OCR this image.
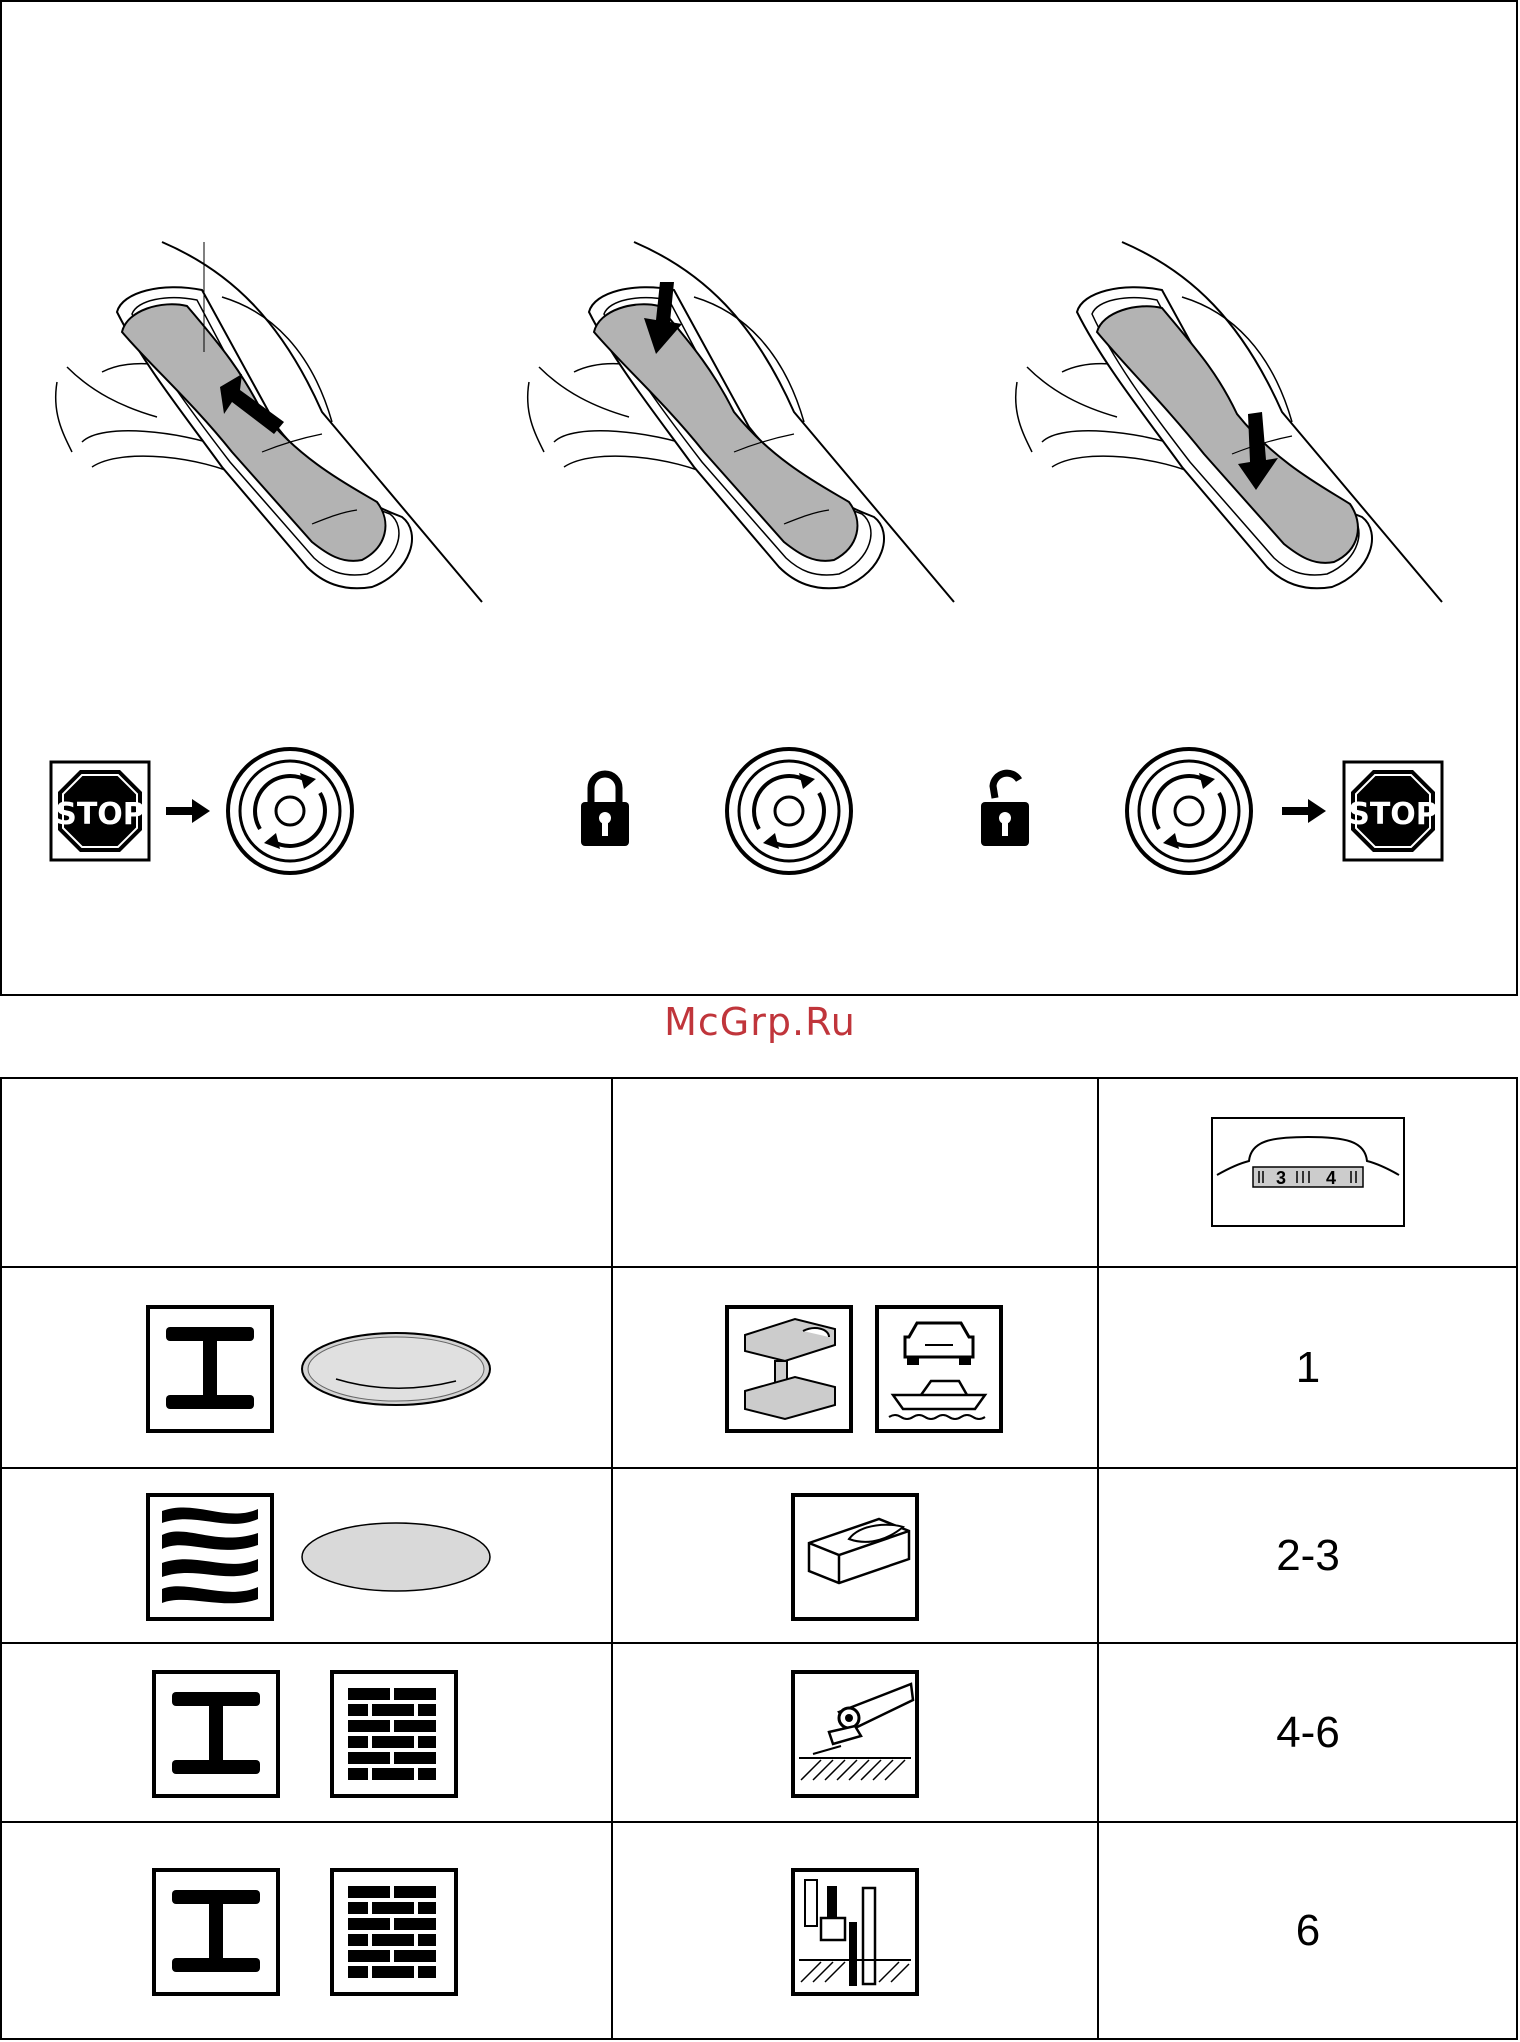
STOP	STOP
McGrp.Ru
3 4
1
2-3
4-6
6
